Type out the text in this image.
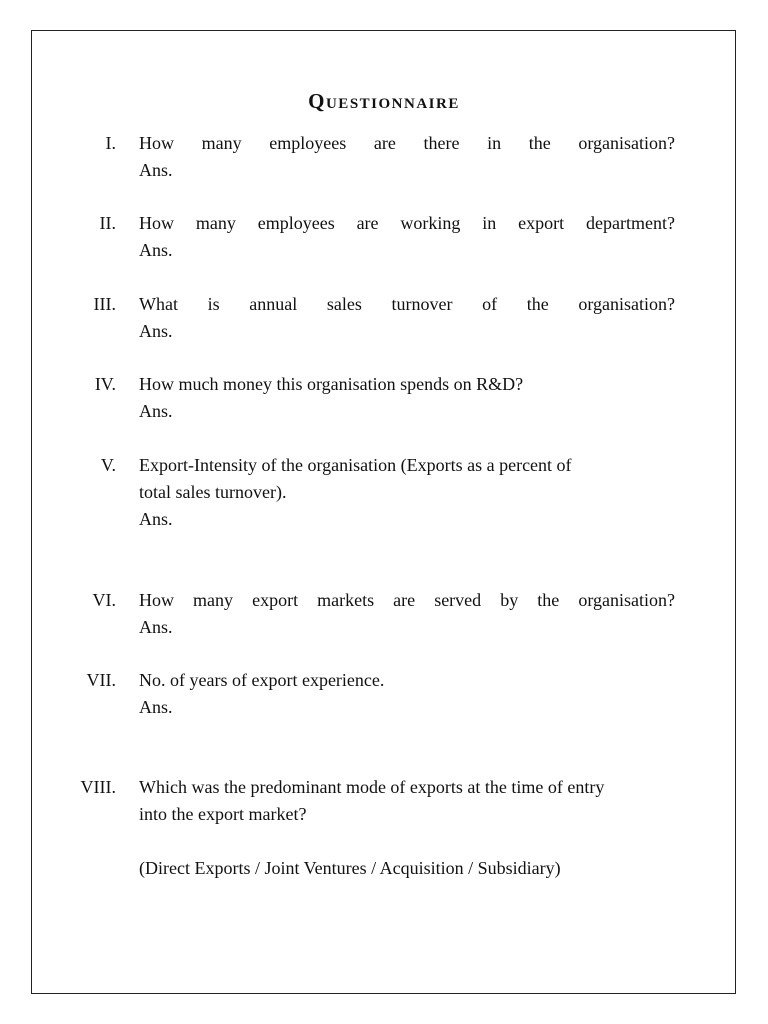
Questionnaire
I. How many employees are there in the organisation?
Ans.
II. How many employees are working in export department?
Ans.
III. What is annual sales turnover of the organisation?
Ans.
IV. How much money this organisation spends on R&D?
Ans.
V. Export-Intensity of the organisation (Exports as a percent of
total sales turnover).
Ans.
VI. How many export markets are served by the organisation?
Ans.
VII. No. of years of export experience.
Ans.
VIII. Which was the predominant mode of exports at the time of entry
into the export market?
(Direct Exports / Joint Ventures / Acquisition / Subsidiary)
